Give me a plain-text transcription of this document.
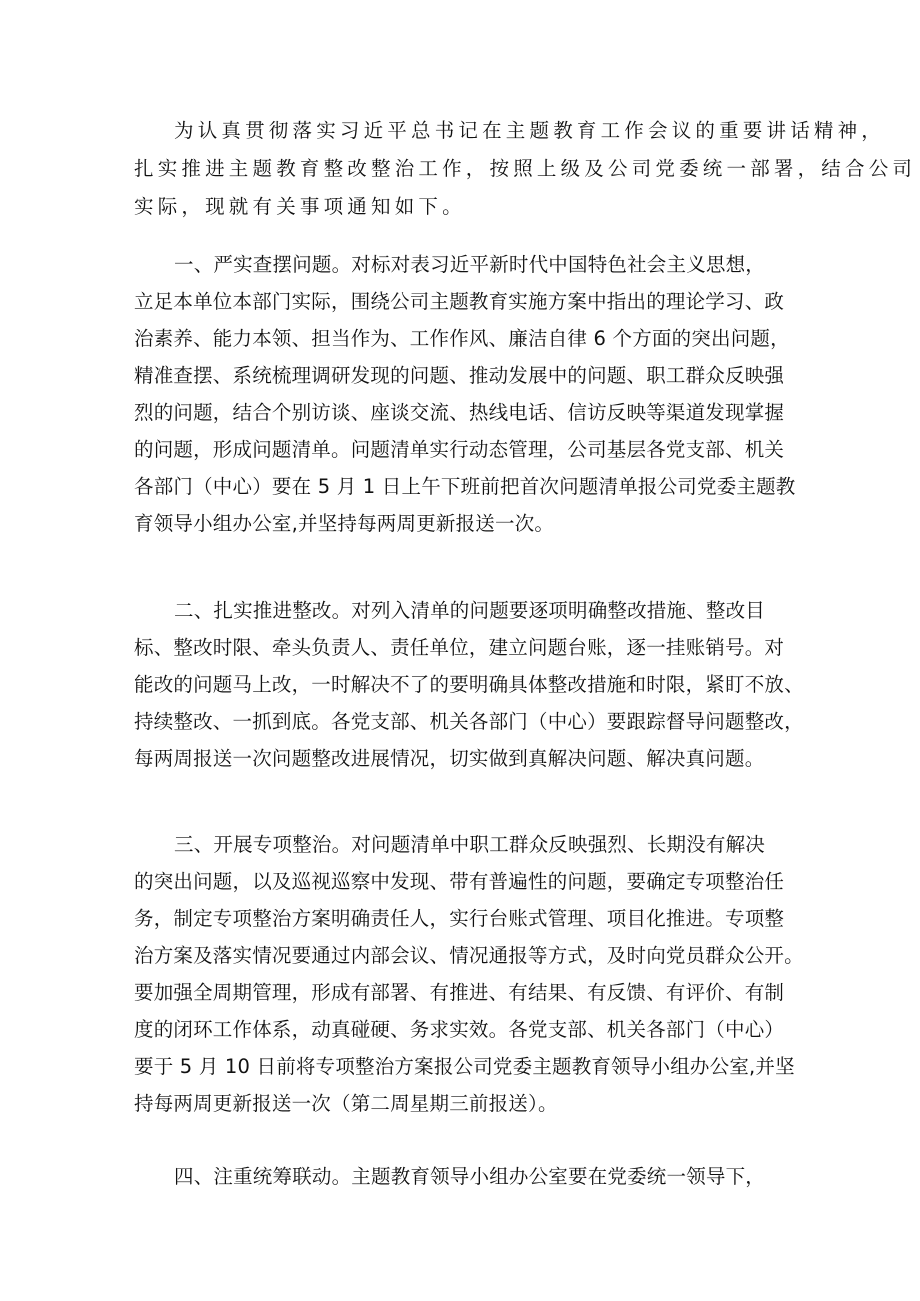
为认真贯彻落实习近平总书记在主题教育工作会议的重要讲话精神，
扎实推进主题教育整改整治工作，按照上级及公司党委统一部署，结合公司
实际，现就有关事项通知如下。
一、严实查摆问题。对标对表习近平新时代中国特色社会主义思想，
立足本单位本部门实际，围绕公司主题教育实施方案中指出的理论学习、政
治素养、能力本领、担当作为、工作作风、廉洁自律 6 个方面的突出问题，
精准查摆、系统梳理调研发现的问题、推动发展中的问题、职工群众反映强
烈的问题，结合个别访谈、座谈交流、热线电话、信访反映等渠道发现掌握
的问题，形成问题清单。问题清单实行动态管理，公司基层各党支部、机关
各部门（中心）要在 5 月 1 日上午下班前把首次问题清单报公司党委主题教
育领导小组办公室,并坚持每两周更新报送一次。
二、扎实推进整改。对列入清单的问题要逐项明确整改措施、整改目
标、整改时限、牵头负责人、责任单位，建立问题台账，逐一挂账销号。对
能改的问题马上改，一时解决不了的要明确具体整改措施和时限，紧盯不放、
持续整改、一抓到底。各党支部、机关各部门（中心）要跟踪督导问题整改，
每两周报送一次问题整改进展情况，切实做到真解决问题、解决真问题。
三、开展专项整治。对问题清单中职工群众反映强烈、长期没有解决
的突出问题，以及巡视巡察中发现、带有普遍性的问题，要确定专项整治任
务，制定专项整治方案明确责任人，实行台账式管理、项目化推进。专项整
治方案及落实情况要通过内部会议、情况通报等方式，及时向党员群众公开。
要加强全周期管理，形成有部署、有推进、有结果、有反馈、有评价、有制
度的闭环工作体系，动真碰硬、务求实效。各党支部、机关各部门（中心）
要于 5 月 10 日前将专项整治方案报公司党委主题教育领导小组办公室,并坚
持每两周更新报送一次（第二周星期三前报送）。
四、注重统筹联动。主题教育领导小组办公室要在党委统一领导下，
